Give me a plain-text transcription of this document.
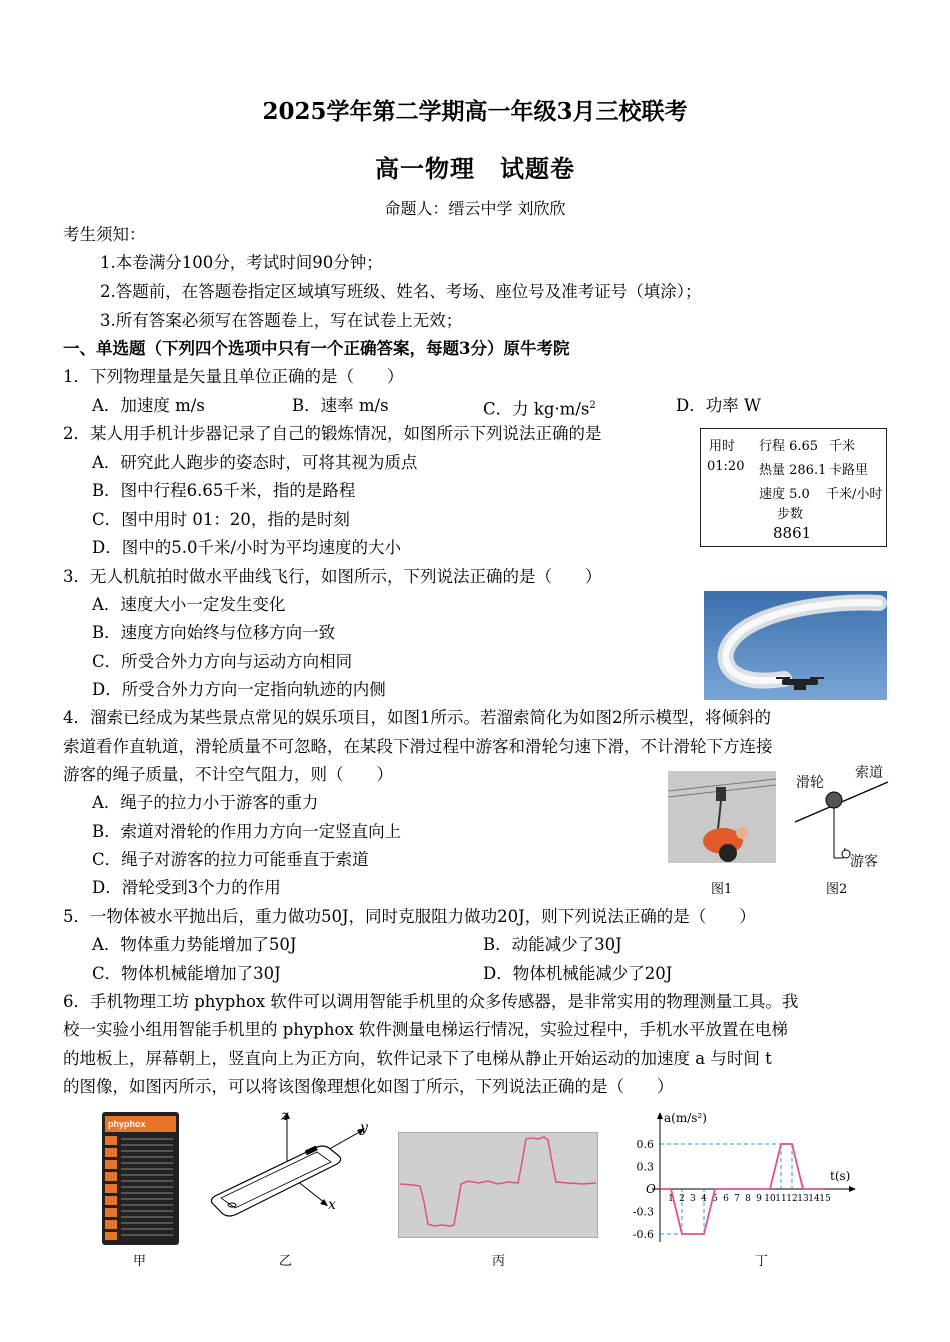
2025学年第二学期高一年级3月三校联考
高一物理　试题卷
命题人：缙云中学 刘欣欣
考生须知：
1.本卷满分100分，考试时间90分钟；
2.答题前，在答题卷指定区域填写班级、姓名、考场、座位号及准考证号（填涂）；
3.所有答案必须写在答题卷上，写在试卷上无效；
一、单选题（下列四个选项中只有一个正确答案，每题3分）原牛考院
1．下列物理量是矢量且单位正确的是（　　）
A．加速度 m/s	B．速率 m/s	C．力 $kg\cdot m/s^2$	D．功率 W
2．某人用手机计步器记录了自己的锻炼情况，如图所示下列说法正确的是
A．研究此人跑步的姿态时，可将其视为质点
B．图中行程6.65千米，指的是路程
C．图中用时 01：20，指的是时刻
D．图中的5.0千米/小时为平均速度的大小
用时
01:20
行程 6.65 千米
热量 286.1 卡路里
速度 5.0 千米/小时
步数
8861
3．无人机航拍时做水平曲线飞行，如图所示，下列说法正确的是（　　）
A．速度大小一定发生变化
B．速度方向始终与位移方向一致
C．所受合外力方向与运动方向相同
D．所受合外力方向一定指向轨迹的内侧
4．溜索已经成为某些景点常见的娱乐项目，如图1所示。若溜索简化为如图2所示模型，将倾斜的
索道看作直轨道，滑轮质量不可忽略，在某段下滑过程中游客和滑轮匀速下滑，不计滑轮下方连接
游客的绳子质量，不计空气阻力，则（　　）
A．绳子的拉力小于游客的重力
B．索道对滑轮的作用力方向一定竖直向上
C．绳子对游客的拉力可能垂直于索道
D．滑轮受到3个力的作用	图1
滑轮
索道
游客
图2
5．一物体被水平抛出后，重力做功50J，同时克服阻力做功20J，则下列说法正确的是（　　）
A．物体重力势能增加了50J	B．动能减少了30J
C．物体机械能增加了30J	D．物体机械能减少了20J
6．手机物理工坊 phyphox 软件可以调用智能手机里的众多传感器，是非常实用的物理测量工具。我
校一实验小组用智能手机里的 phyphox 软件测量电梯运行情况，实验过程中，手机水平放置在电梯
的地板上，屏幕朝上，竖直向上为正方向，软件记录下了电梯从静止开始运动的加速度 a 与时间 t
的图像，如图丙所示，可以将该图像理想化如图丁所示，下列说法正确的是（　　）
phyphox
甲
z
y
x
乙	丙
0.6
0.3
-0.3
-0.6
1 2 3 4 5 6 7 8 9 10 11 12 13 14 15
a(m/s²)
t(s)
O
丁
